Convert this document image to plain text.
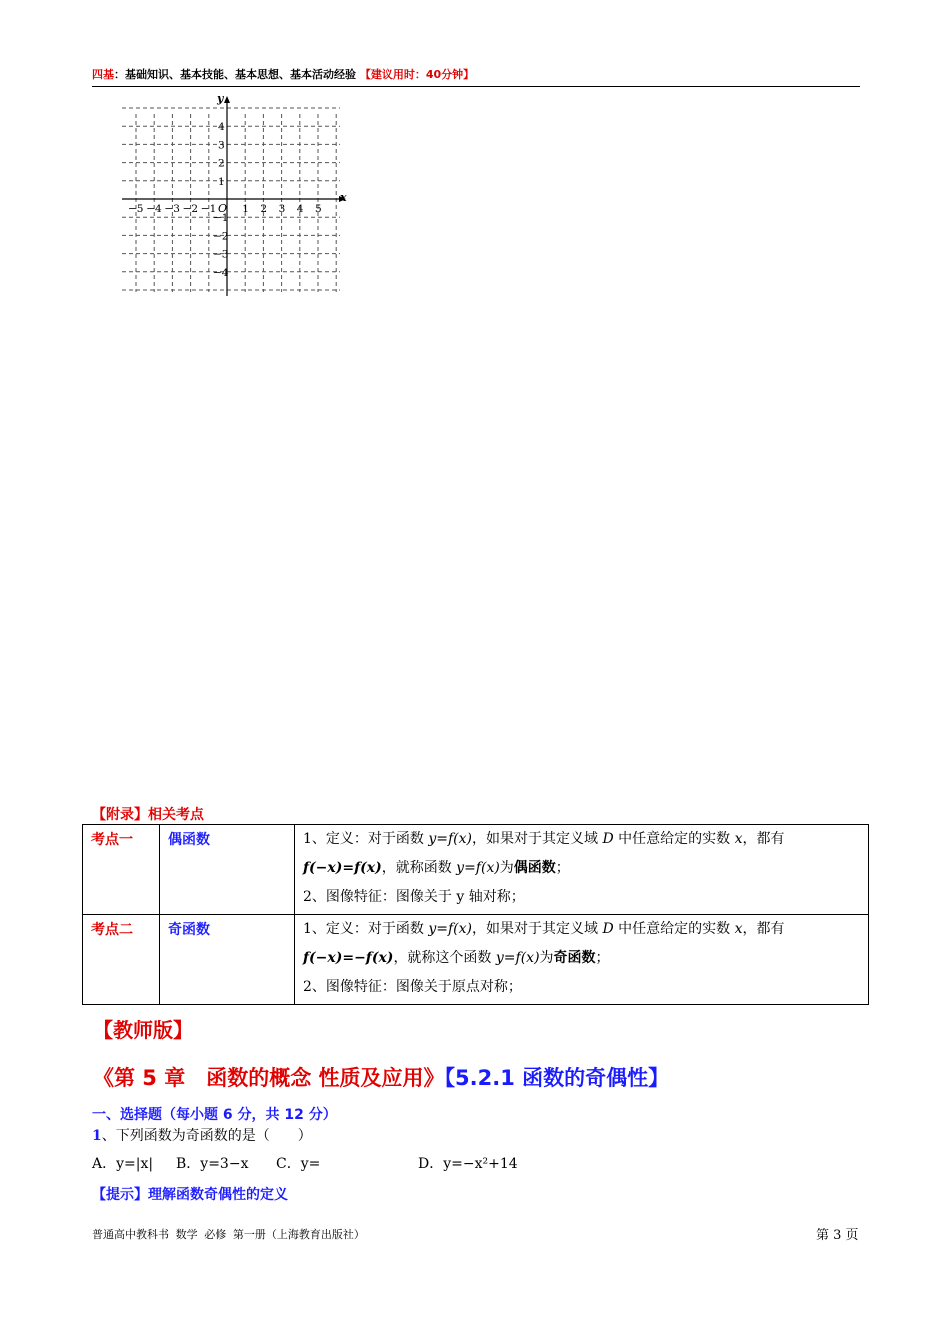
四基：基础知识、基本技能、基本思想、基本活动经验 【建议用时：40分钟】
x
y
O
−5 −4 −3 −2 −1 1 2 3 4 5
4
3
2
1
−1
−2
−3
−4
【附录】相关考点
考点一	偶函数	1、定义：对于函数 y=f(x)，如果对于其定义域 D 中任意给定的实数 x，都有
f(−x)=f(x)，就称函数 y=f(x)为偶函数；
2、图像特征：图像关于 y 轴对称；

考点二	奇函数	1、定义：对于函数 y=f(x)，如果对于其定义域 D 中任意给定的实数 x，都有
f(−x)=−f(x)，就称这个函数 y=f(x)为奇函数；
2、图像特征：图像关于原点对称；
【教师版】
《第 5 章　函数的概念 性质及应用》【5.2.1 函数的奇偶性】
一、选择题（每小题 6 分，共 12 分）
1、下列函数为奇函数的是（　　）
A．y=|x| B．y=3−x C．y=	D．y=−x²+14
【提示】理解函数奇偶性的定义
普通高中教科书 数学 必修 第一册（上海教育出版社）	第 3 页
